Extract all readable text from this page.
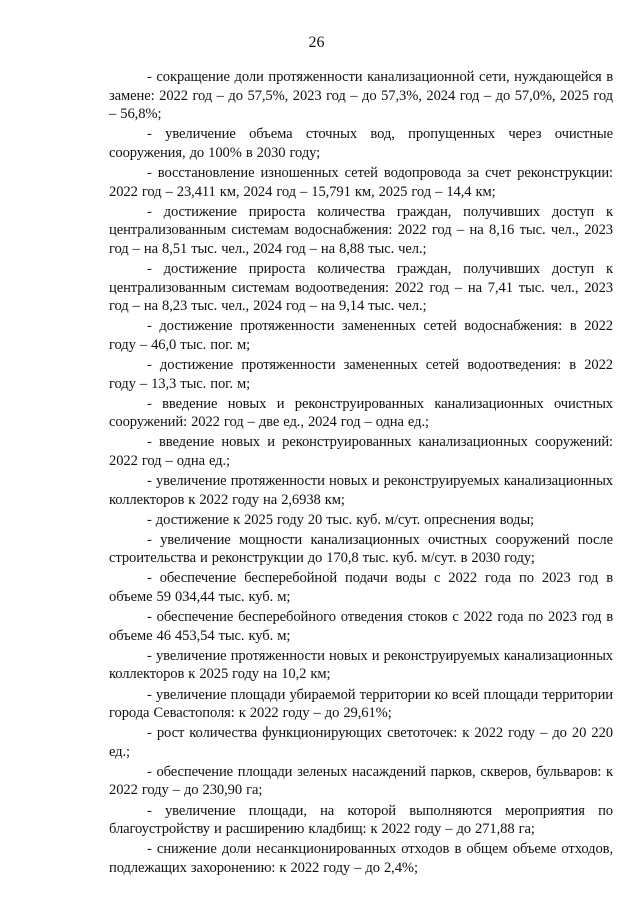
26

- сокращение доли протяженности канализационной сети, нуждающейся в замене: 2022 год – до 57,5%, 2023 год – до 57,3%, 2024 год – до 57,0%, 2025 год – 56,8%;

- увеличение объема сточных вод, пропущенных через очистные сооружения, до 100% в 2030 году;

- восстановление изношенных сетей водопровода за счет реконструкции: 2022 год – 23,411 км, 2024 год – 15,791 км, 2025 год – 14,4 км;

- достижение прироста количества граждан, получивших доступ к централизованным системам водоснабжения: 2022 год – на 8,16 тыс. чел., 2023 год – на 8,51 тыс. чел., 2024 год – на 8,88 тыс. чел.;

- достижение прироста количества граждан, получивших доступ к централизованным системам водоотведения: 2022 год – на 7,41 тыс. чел., 2023 год – на 8,23 тыс. чел., 2024 год – на 9,14 тыс. чел.;

- достижение протяженности замененных сетей водоснабжения: в 2022 году – 46,0 тыс. пог. м;

- достижение протяженности замененных сетей водоотведения: в 2022 году – 13,3 тыс. пог. м;

- введение новых и реконструированных канализационных очистных сооружений: 2022 год – две ед., 2024 год – одна ед.;

- введение новых и реконструированных канализационных сооружений: 2022 год – одна ед.;

- увеличение протяженности новых и реконструируемых канализационных коллекторов к 2022 году на 2,6938 км;

- достижение к 2025 году 20 тыс. куб. м/сут. опреснения воды;

- увеличение мощности канализационных очистных сооружений после строительства и реконструкции до 170,8 тыс. куб. м/сут. в 2030 году;

- обеспечение бесперебойной подачи воды с 2022 года по 2023 год в объеме 59 034,44 тыс. куб. м;

- обеспечение бесперебойного отведения стоков с 2022 года по 2023 год в объеме 46 453,54 тыс. куб. м;

- увеличение протяженности новых и реконструируемых канализационных коллекторов к 2025 году на 10,2 км;

- увеличение площади убираемой территории ко всей площади территории города Севастополя: к 2022 году – до 29,61%;

- рост количества функционирующих светоточек: к 2022 году – до 20 220 ед.;

- обеспечение площади зеленых насаждений парков, скверов, бульваров: к 2022 году – до 230,90 га;

- увеличение площади, на которой выполняются мероприятия по благоустройству и расширению кладбищ: к 2022 году – до 271,88 га;

- снижение доли несанкционированных отходов в общем объеме отходов, подлежащих захоронению: к 2022 году – до 2,4%;
